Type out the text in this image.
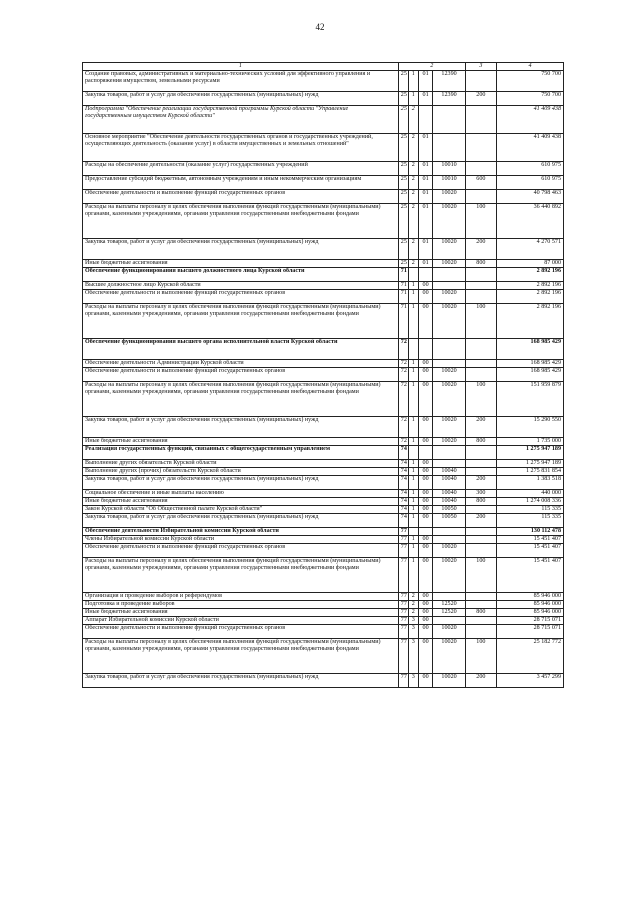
42
1	2				3	4
Создание правовых, административных и материально-технических условий для эффективного управления и распоряжения имуществом, земельными ресурсами	25	1	01	12390		750 700
Закупка товаров, работ и услуг для обеспечения государственных (муниципальных) нужд	25	1	01	12390	200	750 700
Подпрограмма "Обеспечение реализации государственной программы Курской области "Управление государственным имуществом Курской области"	25	2				41 409 438
Основное мероприятие "Обеспечение деятельности государственных органов и государственных учреждений, осуществляющих деятельность (оказание услуг) в области имущественных и земельных отношений"	25	2	01			41 409 438
Расходы на обеспечение деятельности (оказание услуг) государственных учреждений	25	2	01	10010		610 975
Предоставление субсидий бюджетным, автономным учреждениям и иным некоммерческим организациям	25	2	01	10010	600	610 975
Обеспечение деятельности и выполнение функций государственных органов	25	2	01	10020		40 798 463
Расходы на выплаты персоналу в целях обеспечения выполнения функций государственными (муниципальными) органами, казенными учреждениями, органами управления государственными внебюджетными фондами	25	2	01	10020	100	36 440 892
Закупка товаров, работ и услуг для обеспечения государственных (муниципальных) нужд	25	2	01	10020	200	4 270 571
Иные бюджетные ассигнования	25	2	01	10020	800	87 000
Обеспечение функционирования высшего должностного лица Курской области	71					2 892 196
Высшее должностное лицо Курской области	71	1	00			2 892 196
Обеспечение деятельности и выполнение функций государственных органов	71	1	00	10020		2 892 196
Расходы на выплаты персоналу в целях обеспечения выполнения функций государственными (муниципальными) органами, казенными учреждениями, органами управления государственными внебюджетными фондами	71	1	00	10020	100	2 892 196
Обеспечение функционирования высшего органа исполнительной власти Курской области	72					168 985 429
Обеспечение деятельности Администрации Курской области	72	1	00			168 985 429
Обеспечение деятельности и выполнение функций государственных органов	72	1	00	10020		168 985 429
Расходы на выплаты персоналу в целях обеспечения выполнения функций государственными (муниципальными) органами, казенными учреждениями, органами управления государственными внебюджетными фондами	72	1	00	10020	100	151 959 879
Закупка товаров, работ и услуг для обеспечения государственных (муниципальных) нужд	72	1	00	10020	200	15 290 550
Иные бюджетные ассигнования	72	1	00	10020	800	1 735 000
Реализация государственных функций, связанных с общегосударственным управлением	74					1 275 947 189
Выполнение других обязательств Курской области	74	1	00			1 275 947 189
Выполнение других (прочих) обязательств Курской области	74	1	00	10040		1 275 831 854
Закупка товаров, работ и услуг для обеспечения государственных (муниципальных) нужд	74	1	00	10040	200	1 383 518
Социальное обеспечение и иные выплаты населению	74	1	00	10040	300	440 000
Иные бюджетные ассигнования	74	1	00	10040	800	1 274 008 336
Закон Курской области "Об Общественной палате Курской области"	74	1	00	10050		115 335
Закупка товаров, работ и услуг для обеспечения государственных (муниципальных) нужд	74	1	00	10050	200	115 335
Обеспечение деятельности Избирательной комиссии Курской области	77					130 112 478
Члены Избирательной комиссии Курской области	77	1	00			15 451 407
Обеспечение деятельности и выполнение функций государственных органов	77	1	00	10020		15 451 407
Расходы на выплаты персоналу в целях обеспечения выполнения функций государственными (муниципальными) органами, казенными учреждениями, органами управления государственными внебюджетными фондами	77	1	00	10020	100	15 451 407
Организация и проведение выборов и референдумов	77	2	00			85 946 000
Подготовка и проведение выборов	77	2	00	12520		85 946 000
Иные бюджетные ассигнования	77	2	00	12520	800	85 946 000
Аппарат Избирательной комиссии Курской области	77	3	00			28 715 071
Обеспечение деятельности и выполнение функций государственных органов	77	3	00	10020		28 715 071
Расходы на выплаты персоналу в целях обеспечения выполнения функций государственными (муниципальными) органами, казенными учреждениями, органами управления государственными внебюджетными фондами	77	3	00	10020	100	25 182 772
Закупка товаров, работ и услуг для обеспечения государственных (муниципальных) нужд	77	3	00	10020	200	3 457 299
